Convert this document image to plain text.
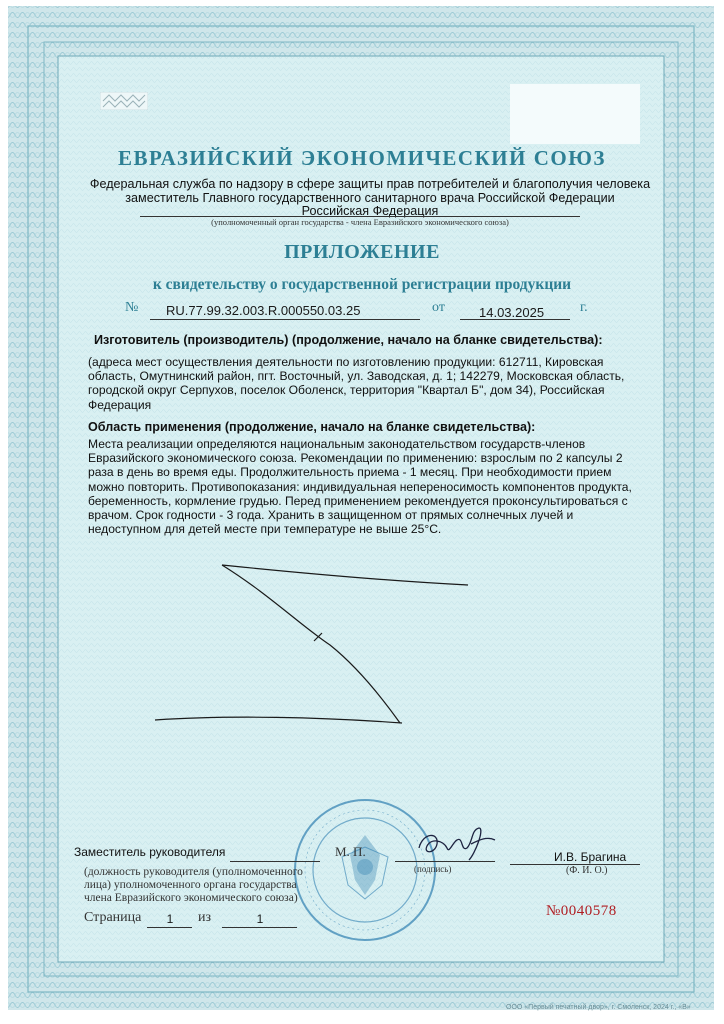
ЕВРАЗИЙСКИЙ ЭКОНОМИЧЕСКИЙ СОЮЗ
Федеральная служба по надзору в сфере защиты прав потребителей и благополучия человека
заместитель Главного государственного санитарного врача Российской Федерации
Российская Федерация
(уполномоченный орган государства - члена Евразийского экономического союза)
ПРИЛОЖЕНИЕ
к свидетельству о государственной регистрации продукции
№ RU.77.99.32.003.R.000550.03.25	от	14.03.2025	г.
Изготовитель (производитель) (продолжение, начало на бланке свидетельства):
(адреса мест осуществления деятельности по изготовлению продукции: 612711, Кировская
область, Омутнинский район, пгт. Восточный, ул. Заводская, д. 1; 142279, Московская область,
городской округ Серпухов, поселок Оболенск, территория "Квартал Б", дом 34), Российская
Федерация
Область применения (продолжение, начало на бланке свидетельства):
Места реализации определяются национальным законодательством государств-членов
Евразийского экономического союза. Рекомендации по применению: взрослым по 2 капсулы 2
раза в день во время еды. Продолжительность приема - 1 месяц. При необходимости прием
можно повторить. Противопоказания: индивидуальная непереносимость компонентов продукта,
беременность, кормление грудью. Перед применением рекомендуется проконсультироваться с
врачом. Срок годности - 3 года. Хранить в защищенном от прямых солнечных лучей и
недоступном для детей месте при температуре не выше 25°С.
Заместитель руководителя	М. П.
(подпись)
И.В. Брагина
(Ф. И. О.)
(должность руководителя (уполномоченного
лица) уполномоченного органа государства
члена Евразийского экономического союза)
Страница	1	из	1	№0040578
ООО «Первый печатный двор», г. Смоленск, 2024 г., «В»
